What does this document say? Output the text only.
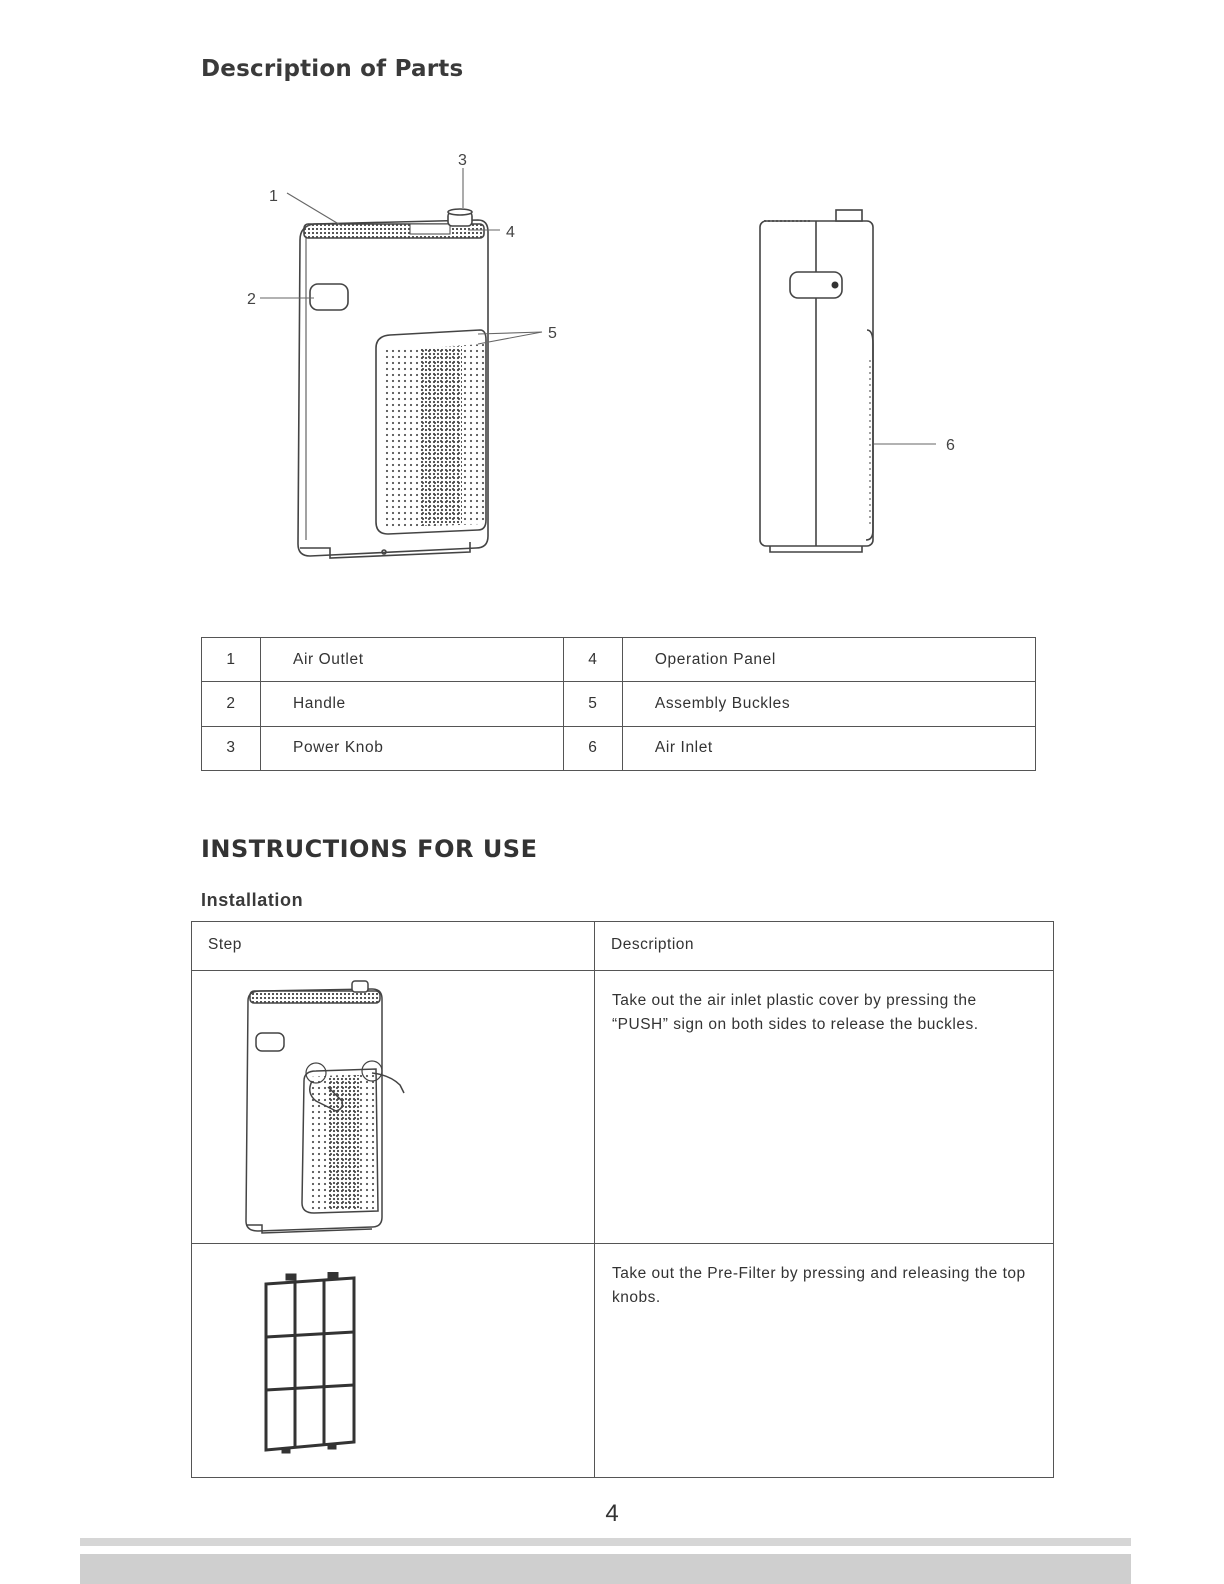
Description of Parts
1
2
3
4
5
6
1	Air Outlet	4	Operation Panel
2	Handle	5	Assembly Buckles
3	Power Knob	6	Air Inlet
INSTRUCTIONS FOR USE
Installation
Step	Description

	Take out the air inlet plastic cover by pressing the “PUSH” sign on both sides to release the buckles.

	Take out the Pre-Filter by pressing and releasing the top knobs.
4
